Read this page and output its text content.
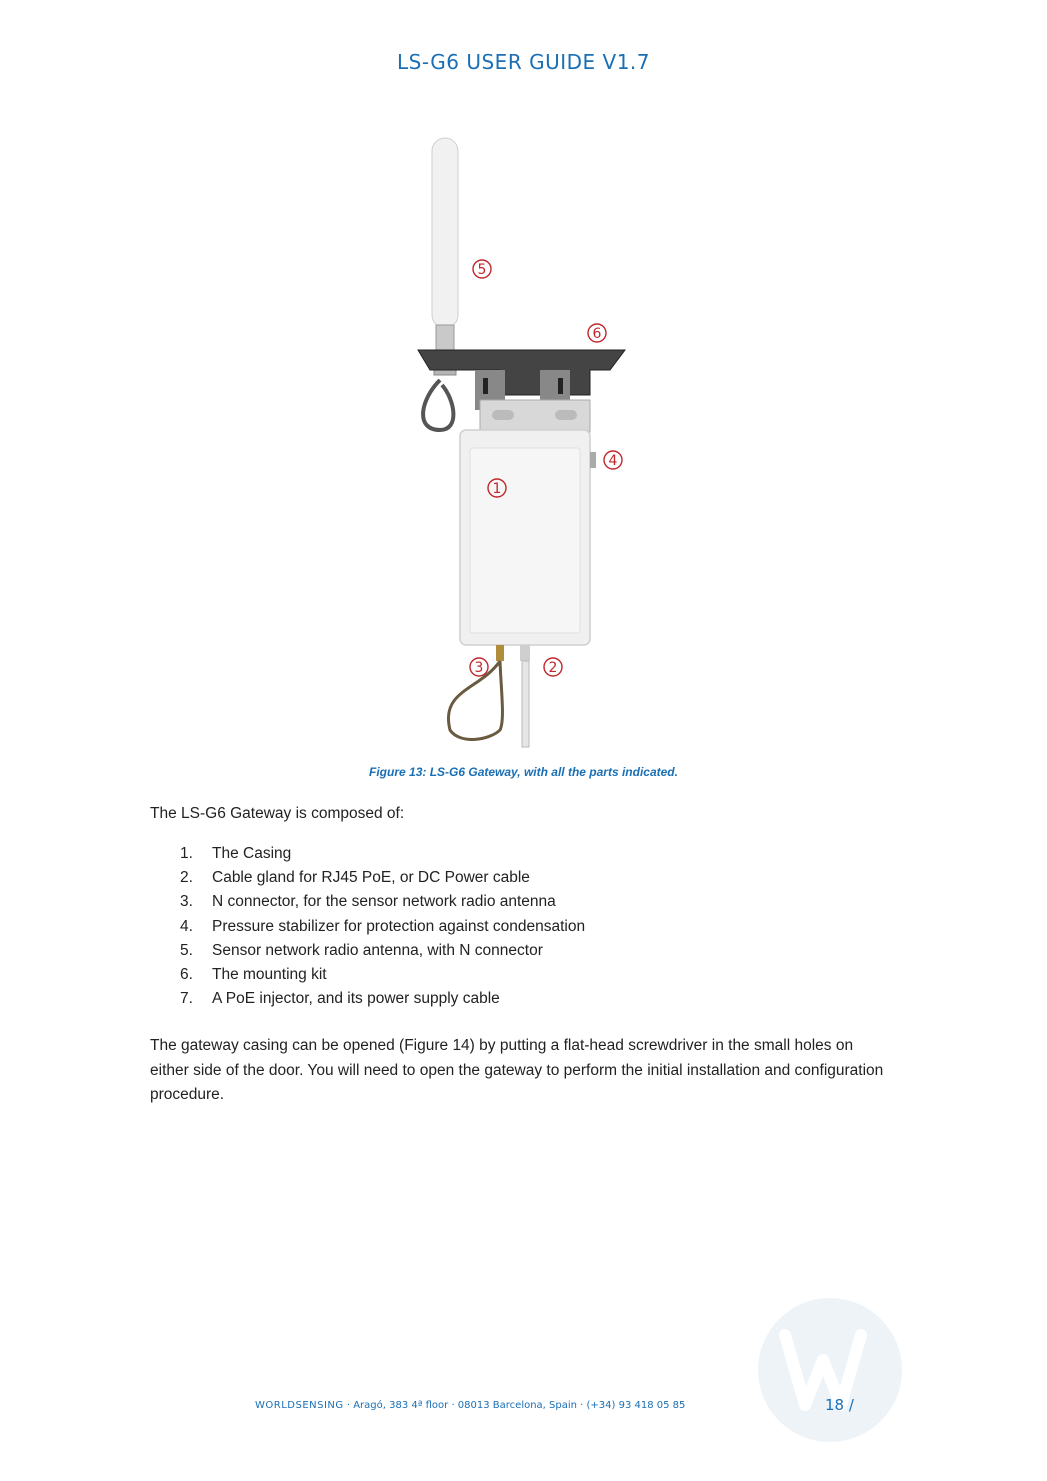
LS-G6 USER GUIDE V1.7
5
6
4
1
3	2
Figure 13: LS-G6 Gateway, with all the parts indicated.
The LS-G6 Gateway is composed of:
1.	The Casing
2.	Cable gland for RJ45 PoE, or DC Power cable
3.	N connector, for the sensor network radio antenna
4.	Pressure stabilizer for protection against condensation
5.	Sensor network radio antenna, with N connector
6.	The mounting kit
7.	A PoE injector, and its power supply cable

The gateway casing can be opened (Figure 14) by putting a flat-head screwdriver in the small holes on either side of the door. You will need to open the gateway to perform the initial installation and configuration procedure.

WORLDSENSING · Aragó, 383 4ª floor · 08013 Barcelona, Spain · (+34) 93 418 05 85	18 /
